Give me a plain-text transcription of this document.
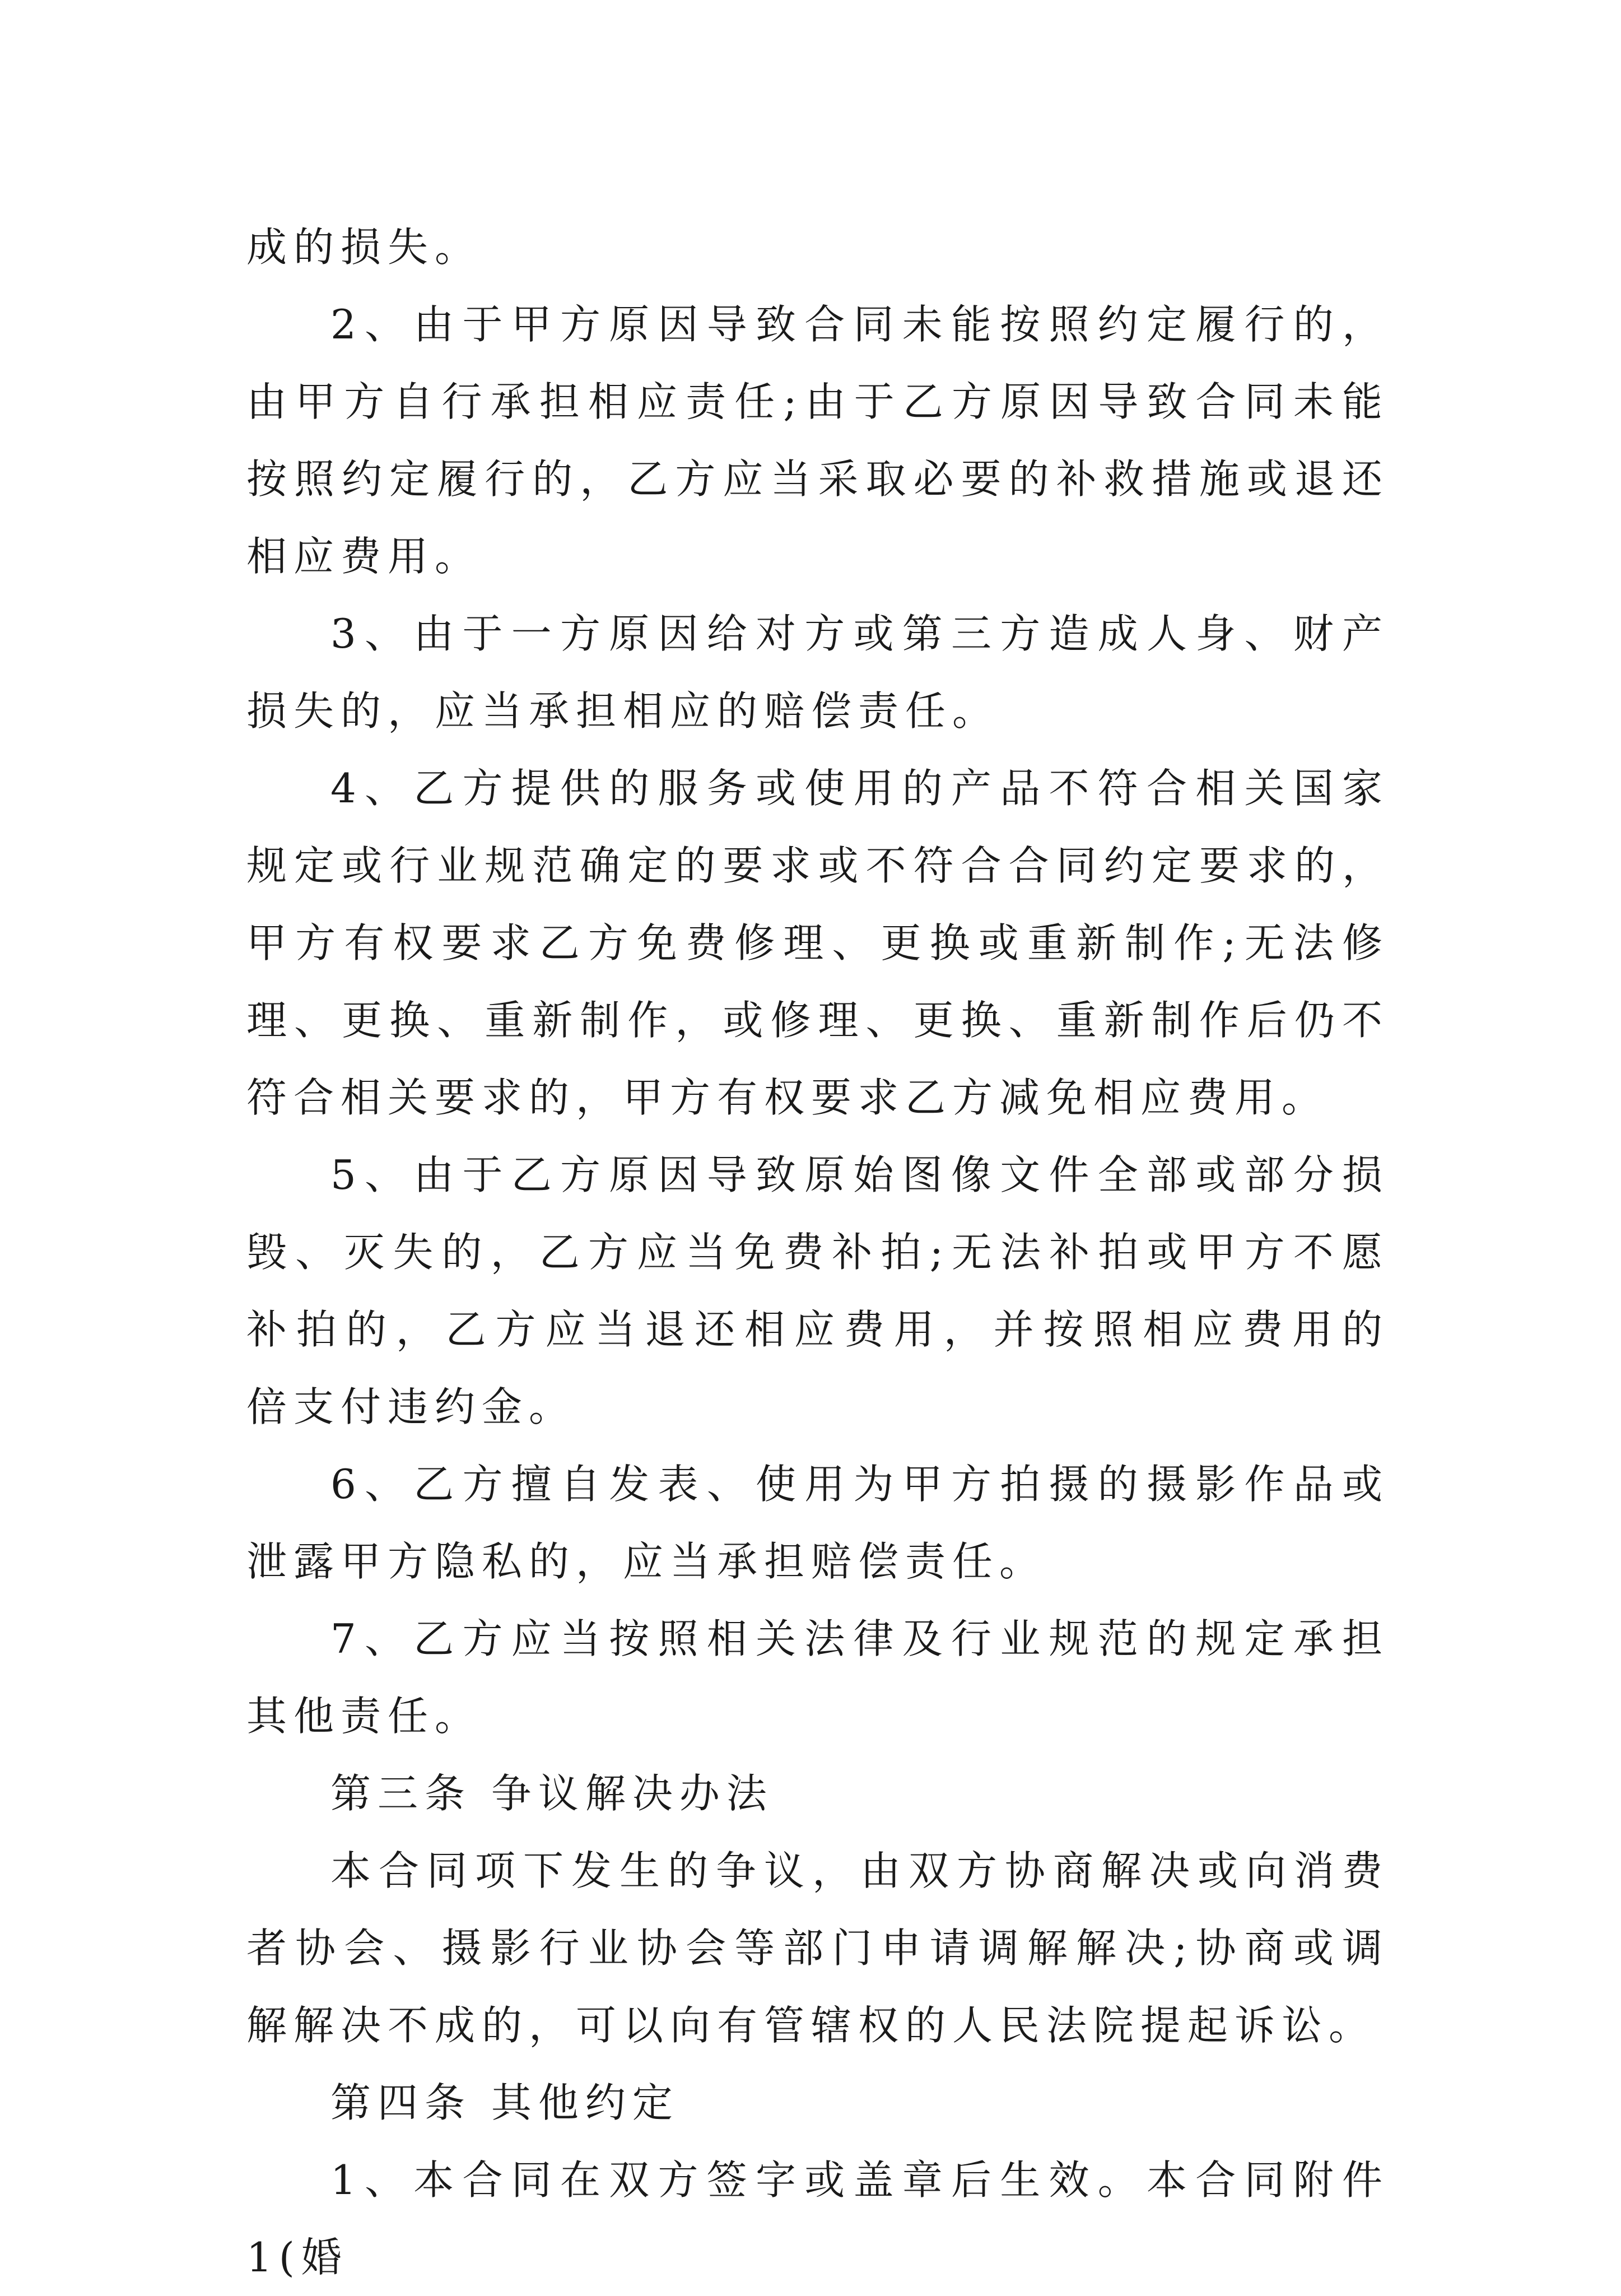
成的损失。

2、由于甲方原因导致合同未能按照约定履行的，由甲方自行承担相应责任;由于乙方原因导致合同未能按照约定履行的，乙方应当采取必要的补救措施或退还相应费用。

3、由于一方原因给对方或第三方造成人身、财产损失的，应当承担相应的赔偿责任。

4、乙方提供的服务或使用的产品不符合相关国家规定或行业规范确定的要求或不符合合同约定要求的，甲方有权要求乙方免费修理、更换或重新制作;无法修理、更换、重新制作，或修理、更换、重新制作后仍不符合相关要求的，甲方有权要求乙方减免相应费用。

5、由于乙方原因导致原始图像文件全部或部分损毁、灭失的，乙方应当免费补拍;无法补拍或甲方不愿补拍的，乙方应当退还相应费用，并按照相应费用的 倍支付违约金。

6、乙方擅自发表、使用为甲方拍摄的摄影作品或泄露甲方隐私的，应当承担赔偿责任。

7、乙方应当按照相关法律及行业规范的规定承担其他责任。

第三条 争议解决办法

本合同项下发生的争议，由双方协商解决或向消费者协会、摄影行业协会等部门申请调解解决;协商或调解解决不成的，可以向有管辖权的人民法院提起诉讼。

第四条 其他约定

1、本合同在双方签字或盖章后生效。本合同附件1(婚
